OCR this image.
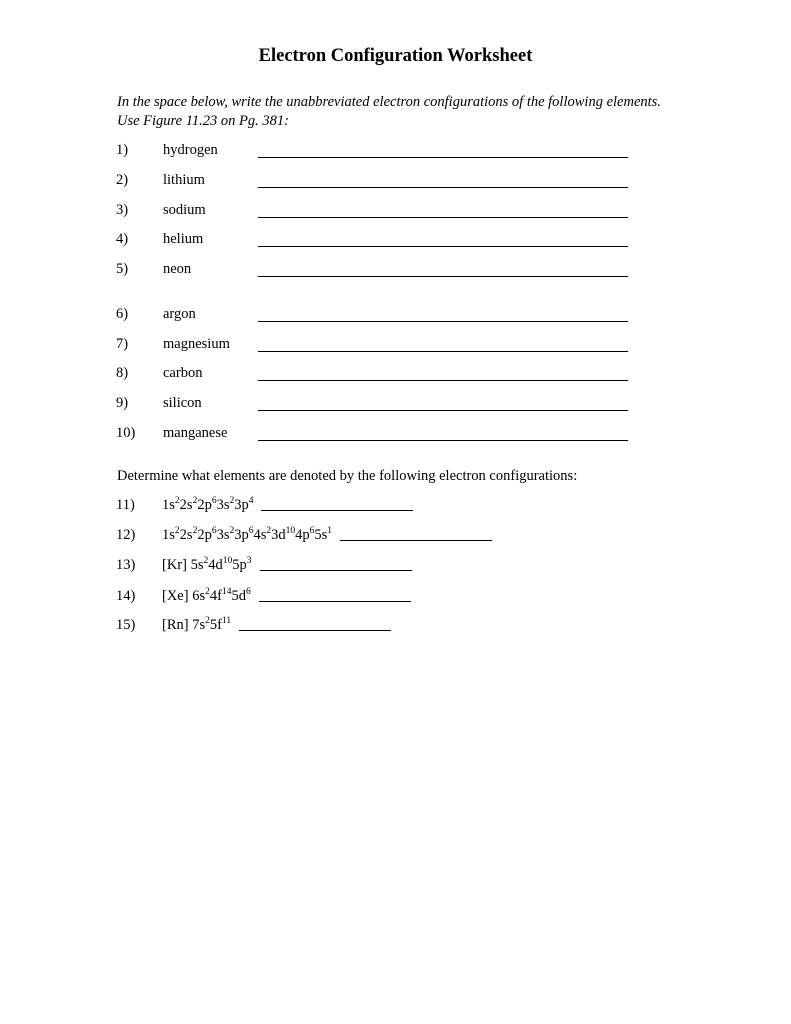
Electron Configuration Worksheet
In the space below, write the unabbreviated electron configurations of the following elements. Use Figure 11.23 on Pg. 381:
1) hydrogen
2) lithium
3) sodium
4) helium
5) neon
6) argon
7) magnesium
8) carbon
9) silicon
10) manganese
Determine what elements are denoted by the following electron configurations:
11) $1s^22s^22p^63s^23p^4$
12) $1s^22s^22p^63s^23p^64s^23d^{10}4p^65s^1$
13) [Kr] $5s^24d^{10}5p^3$
14) [Xe] $6s^24f^{14}5d^6$
15) [Rn] $7s^25f^{11}$
